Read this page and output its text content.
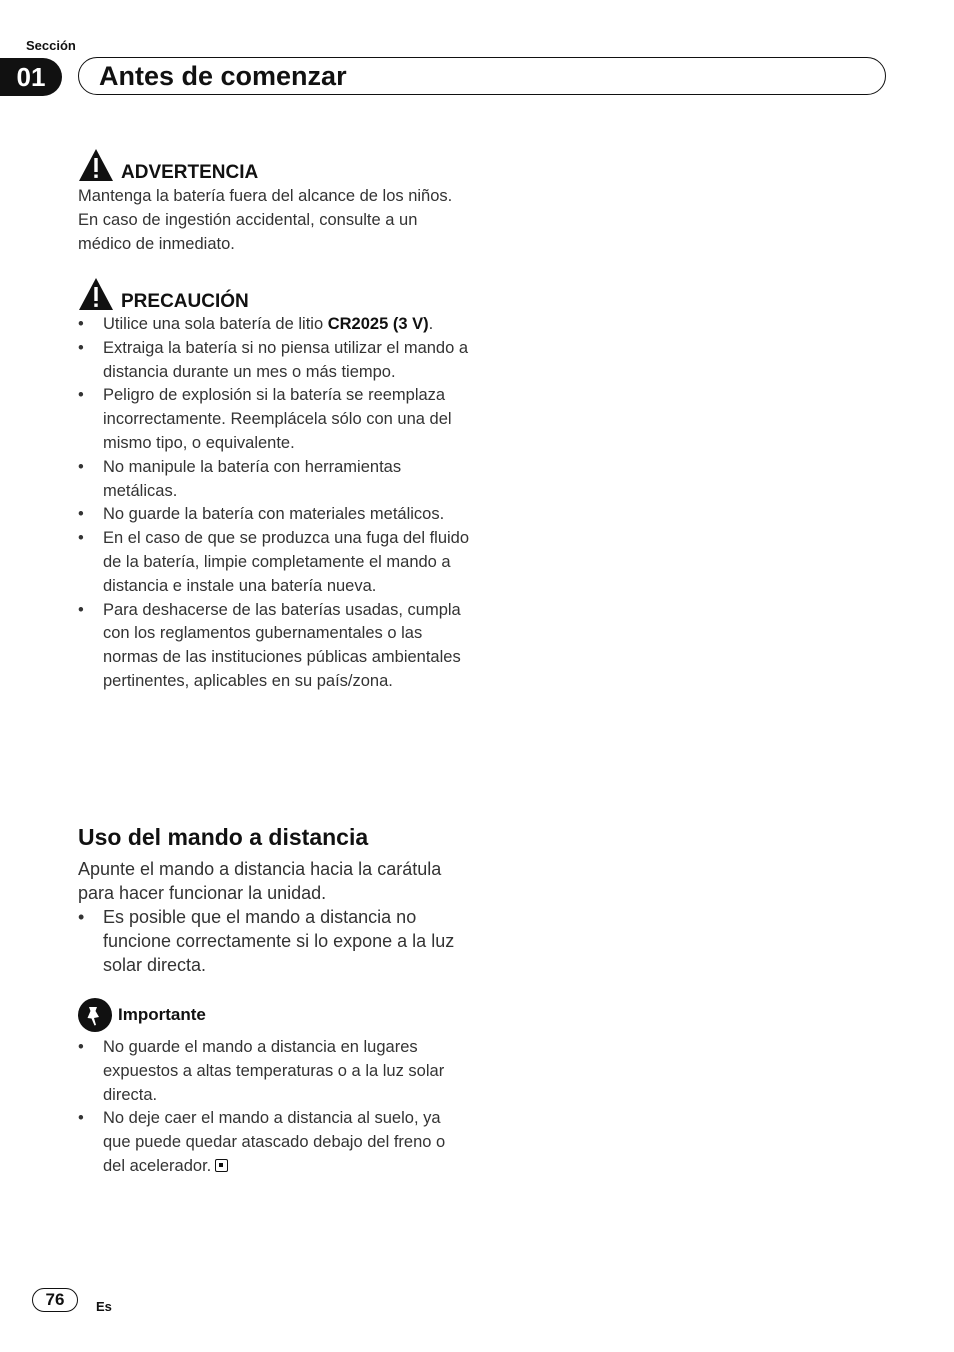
Sección
01 Antes de comenzar
ADVERTENCIA

Mantenga la batería fuera del alcance de los niños. En caso de ingestión accidental, consulte a un médico de inmediato.

PRECAUCIÓN
• Utilice una sola batería de litio CR2025 (3 V).
• Extraiga la batería si no piensa utilizar el mando a distancia durante un mes o más tiempo.
• Peligro de explosión si la batería se reemplaza incorrectamente. Reemplácela sólo con una del mismo tipo, o equivalente.
• No manipule la batería con herramientas metálicas.
• No guarde la batería con materiales metálicos.
• En el caso de que se produzca una fuga del fluido de la batería, limpie completamente el mando a distancia e instale una batería nueva.
• Para deshacerse de las baterías usadas, cumpla con los reglamentos gubernamentales o las normas de las instituciones públicas ambientales pertinentes, aplicables en su país/zona.
Uso del mando a distancia

Apunte el mando a distancia hacia la carátula para hacer funcionar la unidad.

• Es posible que el mando a distancia no funcione correctamente si lo expone a la luz solar directa.
Importante
• No guarde el mando a distancia en lugares expuestos a altas temperaturas o a la luz solar directa.
• No deje caer el mando a distancia al suelo, ya que puede quedar atascado debajo del freno o del acelerador.
76	Es
